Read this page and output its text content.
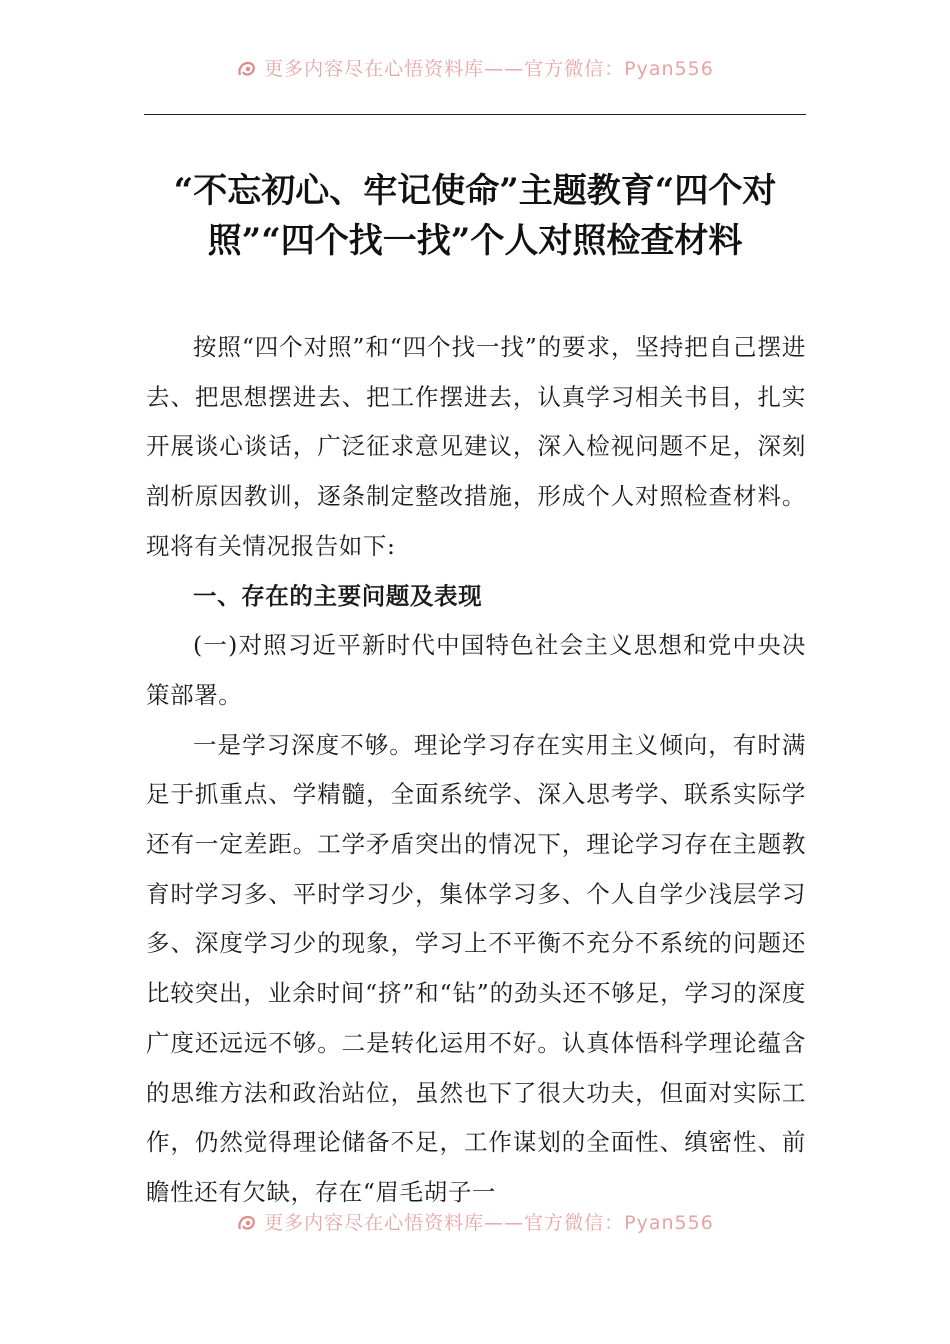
更多内容尽在心悟资料库——官方微信：Pyan556
“不忘初心、牢记使命”主题教育“四个对照”“四个找一找”个人对照检查材料

按照“四个对照”和“四个找一找”的要求，坚持把自己摆进去、把思想摆进去、把工作摆进去，认真学习相关书目，扎实开展谈心谈话，广泛征求意见建议，深入检视问题不足，深刻剖析原因教训，逐条制定整改措施，形成个人对照检查材料。现将有关情况报告如下:

一、存在的主要问题及表现

(一)对照习近平新时代中国特色社会主义思想和党中央决策部署。

一是学习深度不够。理论学习存在实用主义倾向，有时满足于抓重点、学精髓，全面系统学、深入思考学、联系实际学还有一定差距。工学矛盾突出的情况下，理论学习存在主题教育时学习多、平时学习少，集体学习多、个人自学少浅层学习多、深度学习少的现象，学习上不平衡不充分不系统的问题还比较突出，业余时间“挤”和“钻”的劲头还不够足，学习的深度广度还远远不够。二是转化运用不好。认真体悟科学理论蕴含的思维方法和政治站位，虽然也下了很大功夫，但面对实际工作，仍然觉得理论储备不足，工作谋划的全面性、缜密性、前瞻性还有欠缺，存在“眉毛胡子一

更多内容尽在心悟资料库——官方微信：Pyan556
